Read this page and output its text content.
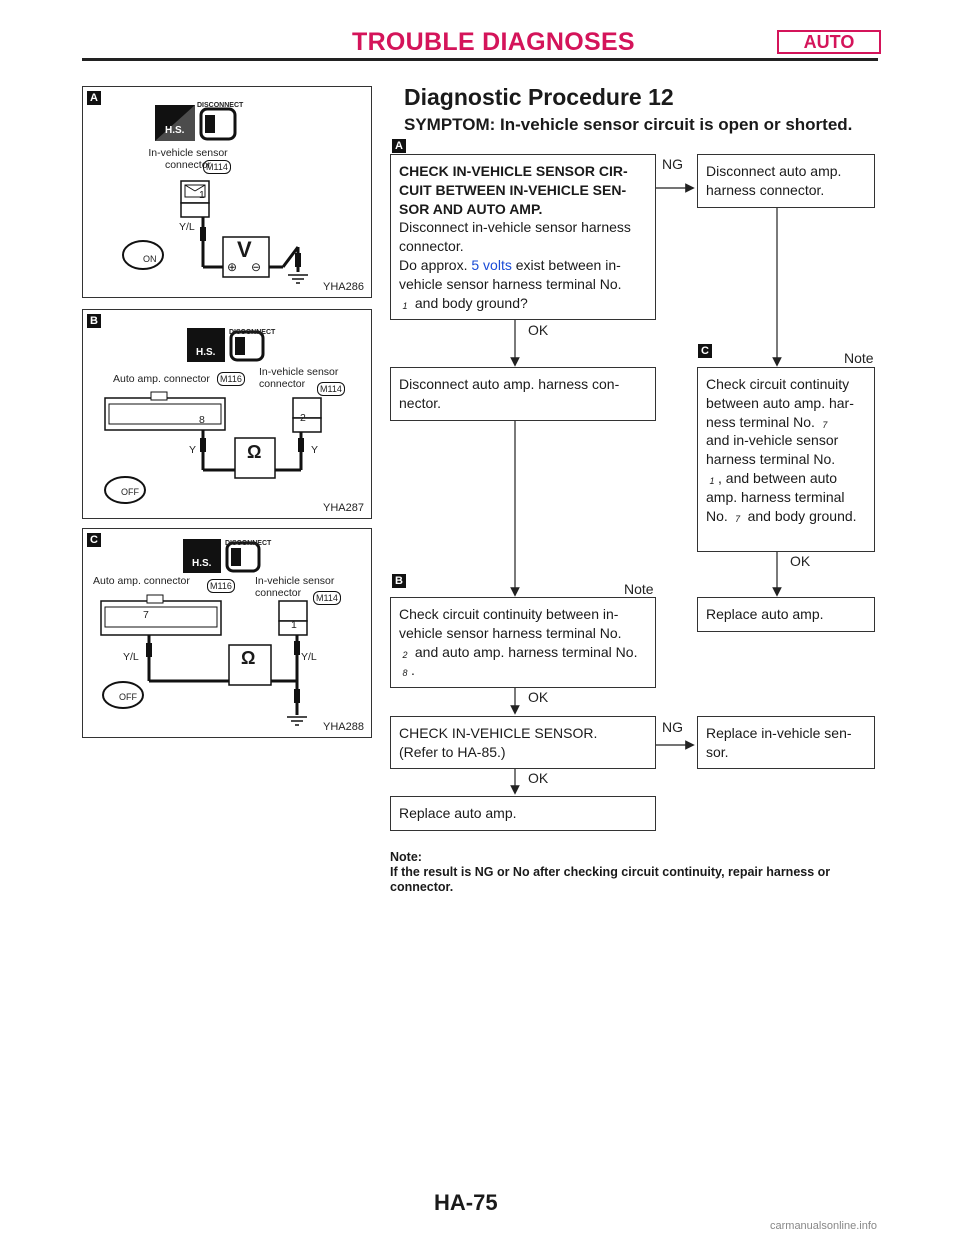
TROUBLE DIAGNOSES	AUTO
A
DISCONNECT
H.S.
In-vehicle sensor connector
M114
1
Y/L
V
⊕ ⊖
ON
YHA286
B
DISCONNECT
H.S.
Auto amp. connector	M116
In-vehicle sensor connector	M114
8	2
Y	Y
Ω
OFF
YHA287
C	DISCONNECT
H.S.
Auto amp. connector	M116 In-vehicle sensor connector	M114
7
1
Y/L	Y/L
Ω
OFF
YHA288
Diagnostic Procedure 12
SYMPTOM: In-vehicle sensor circuit is open or shorted.
A
CHECK IN-VEHICLE SENSOR CIR-CUIT BETWEEN IN-VEHICLE SEN-SOR AND AUTO AMP.
Disconnect in-vehicle sensor harness connector.
Do approx. 5 volts exist between in-vehicle sensor harness terminal No.
1 and body ground?
NG	Disconnect auto amp. harness connector.
OK
Disconnect auto amp. harness con-nector.
C	Note
Check circuit continuity between auto amp. har-ness terminal No. 7
and in-vehicle sensor harness terminal No.
1 , and between auto amp. harness terminal No. 7 and body ground.
OK
Replace auto amp.
B	Note
Check circuit continuity between in-vehicle sensor harness terminal No.
2 and auto amp. harness terminal No. 8 .
OK
CHECK IN-VEHICLE SENSOR.
(Refer to HA-85.)
NG	Replace in-vehicle sen-sor.
OK
Replace auto amp.
Note:
If the result is NG or No after checking circuit continuity, repair harness or connector.
HA-75
carmanualsonline.info
